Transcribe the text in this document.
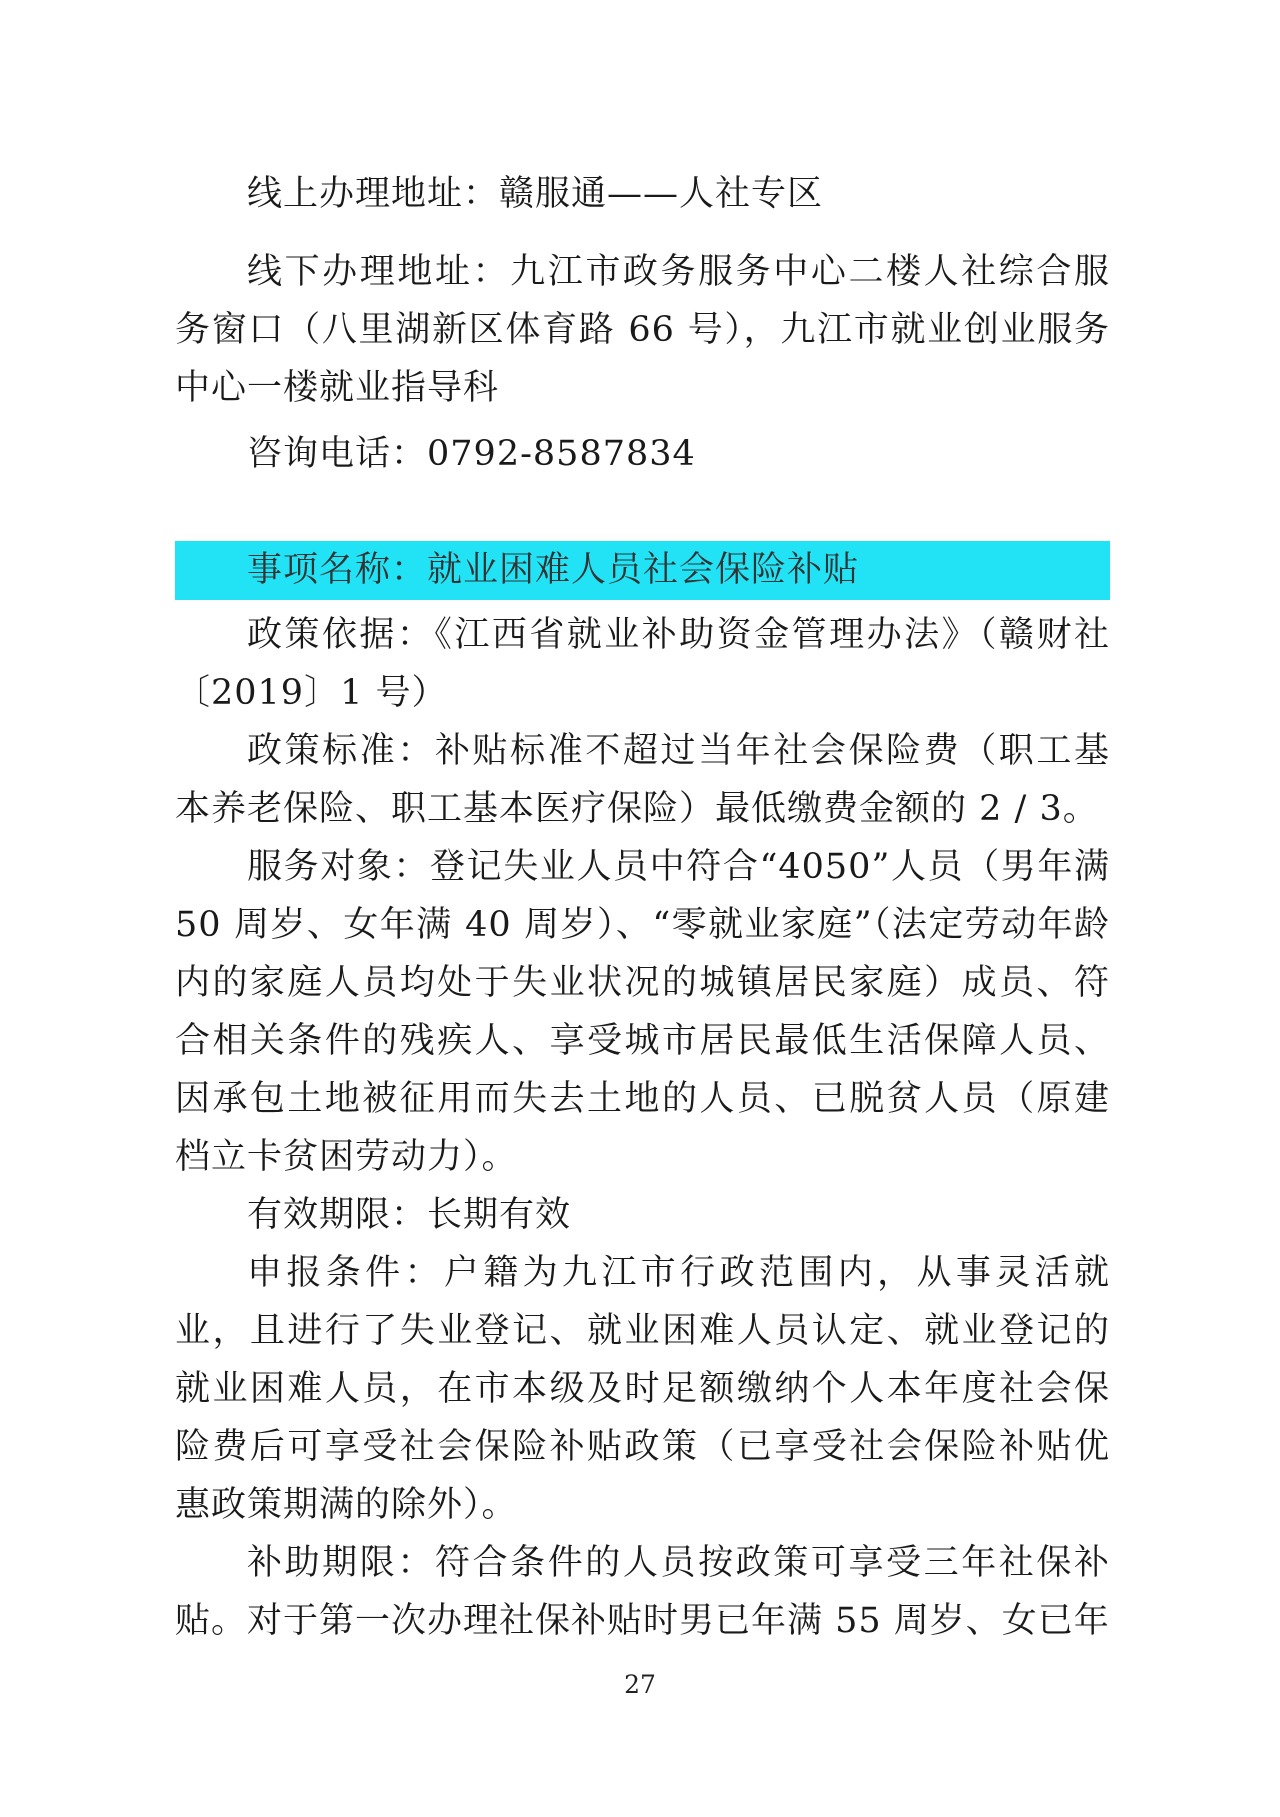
线上办理地址：赣服通——人社专区

线下办理地址：九江市政务服务中心二楼人社综合服务窗口（八里湖新区体育路 66 号），九江市就业创业服务中心一楼就业指导科

咨询电话：0792-8587834

事项名称：就业困难人员社会保险补贴

政策依据：《江西省就业补助资金管理办法》（赣财社〔2019〕1 号）

政策标准：补贴标准不超过当年社会保险费（职工基本养老保险、职工基本医疗保险）最低缴费金额的 2 / 3。

服务对象：登记失业人员中符合“4050”人员（男年满 50 周岁、女年满 40 周岁）、“零就业家庭”（法定劳动年龄内的家庭人员均处于失业状况的城镇居民家庭）成员、符合相关条件的残疾人、享受城市居民最低生活保障人员、因承包土地被征用而失去土地的人员、已脱贫人员（原建档立卡贫困劳动力）。

有效期限：长期有效

申报条件：户籍为九江市行政范围内，从事灵活就业，且进行了失业登记、就业困难人员认定、就业登记的就业困难人员，在市本级及时足额缴纳个人本年度社会保险费后可享受社会保险补贴政策（已享受社会保险补贴优惠政策期满的除外）。

补助期限：符合条件的人员按政策可享受三年社保补贴。对于第一次办理社保补贴时男已年满 55 周岁、女已年

27
